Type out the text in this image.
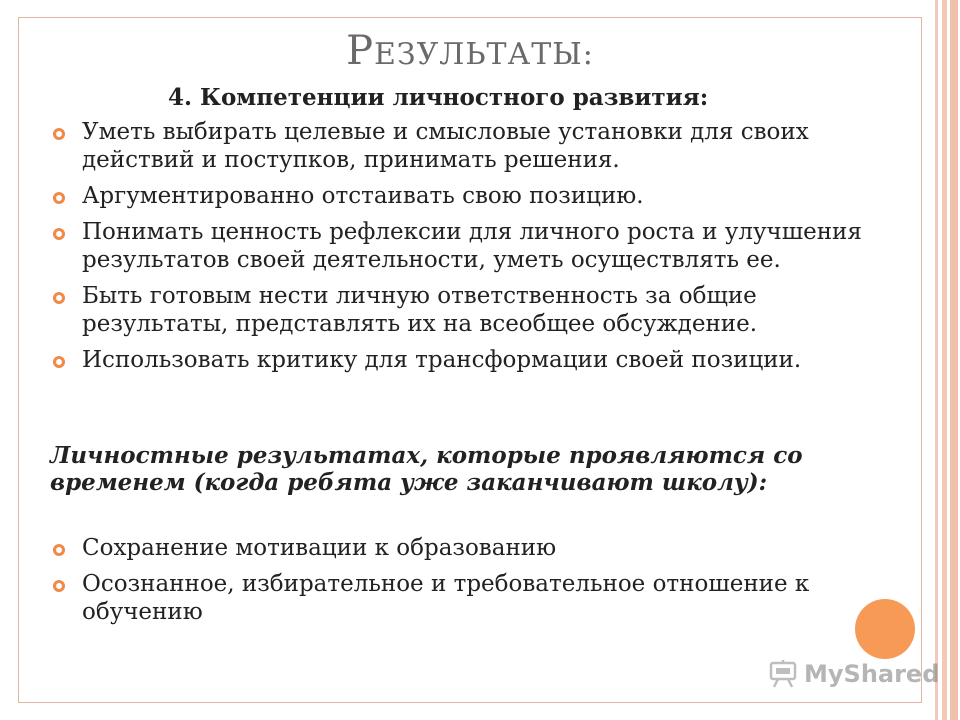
РЕЗУЛЬТАТЫ:

4. Компетенции личностного развития:

Уметь выбирать целевые и смысловые установки для своих действий и поступков, принимать решения.
Аргументированно отстаивать свою позицию.
Понимать ценность рефлексии для личного роста и улучшения результатов своей деятельности, уметь осуществлять ее.
Быть готовым нести личную ответственность за общие результаты, представлять их на всеобщее обсуждение.
Использовать критику для трансформации своей позиции.

Личностные результатах, которые проявляются со временем (когда ребята уже заканчивают школу):

Сохранение мотивации к образованию
Осознанное, избирательное и требовательное отношение к обучению
MyShared
